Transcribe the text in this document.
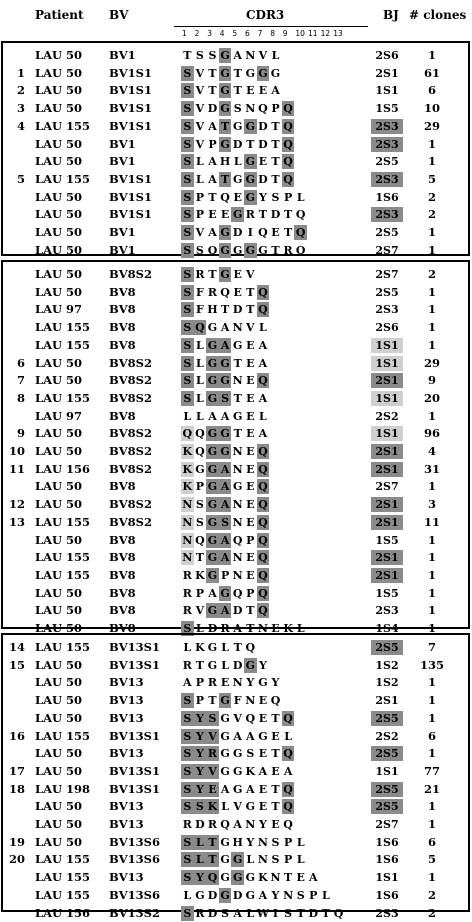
Patient BV	CDR3	BJ # clones
1 2 3 4 5 6 7 8 9 10 11 12 13
LAU 50 BV1	T S S G A N V L	2S6	1
1 LAU 50 BV1S1	S V T G T G G G	2S1	61
2 LAU 50 BV1S1	S V T G T E E A	1S1	6
3 LAU 50 BV1S1	S V D G S N Q P Q	1S5	10
4 LAU 155 BV1S1	S V A T G G D T Q	2S3	29
LAU 50 BV1	S V P G D T D T Q	2S3	1
LAU 50 BV1	S L A H L G E T Q	2S5	1
5 LAU 155 BV1S1	S L A T G G D T Q	2S3	5
LAU 50 BV1S1	S P T Q E G Y S P L	1S6	2
LAU 50 BV1S1	S P E E G R T D T Q	2S3	2
LAU 50 BV1	S V A G D I Q E T Q	2S5	1
LAU 50 BV1	S S Q G G G G T R Q	2S7	1
LAU 50 BV8S2	S R T G E V	2S7	2
LAU 50 BV8	S F R Q E T Q	2S5	1
LAU 97 BV8	S F H T D T Q	2S3	1
LAU 155 BV8	S Q G A N V L	2S6	1
LAU 155 BV8	S L G A G E A	1S1	1
6 LAU 50 BV8S2	S L G G T E A	1S1	29
7 LAU 50 BV8S2	S L G G N E Q	2S1	9
8 LAU 155 BV8S2	S L G S T E A	1S1	20
LAU 97 BV8	L L A A G E L	2S2	1
9 LAU 50 BV8S2	Q Q G G T E A	1S1	96
10 LAU 50 BV8S2	K Q G G N E Q	2S1	4
11 LAU 156 BV8S2	K G G A N E Q	2S1	31
LAU 50 BV8	K P G A G E Q	2S7	1
12 LAU 50 BV8S2	N S G A N E Q	2S1	3
13 LAU 155 BV8S2	N S G S N E Q	2S1	11
LAU 50 BV8	N Q G A Q P Q	1S5	1
LAU 155 BV8	N T G A N E Q	2S1	1
LAU 155 BV8	R K G P N E Q	2S1	1
LAU 50 BV8	R P A G Q P Q	1S5	1
LAU 50 BV8	R V G A D T Q	2S3	1
LAU 50 BV8	S L D R A T N E K L	1S4	1
14 LAU 155 BV13S1 L K G L T Q	2S5	7
15 LAU 50 BV13S1 R T G L D G Y	1S2	135
LAU 50 BV13	A P R E N Y G Y	1S2	1
LAU 50 BV13	S P T G F N E Q	2S1	1
LAU 50 BV13	S Y S G V Q E T Q	2S5	1
16 LAU 155 BV13S1 S Y V G A A G E L	2S2	6
LAU 50 BV13	S Y R G G S E T Q	2S5	1
17 LAU 50 BV13S1 S Y V G G K A E A	1S1	77
18 LAU 198 BV13S1 S Y E A G A E T Q	2S5	21
LAU 50 BV13	S S K L V G E T Q	2S5	1
LAU 50 BV13	R D R Q A N Y E Q	2S7	1
19 LAU 50 BV13S6 S L T G H Y N S P L	1S6	6
20 LAU 155 BV13S6 S L T G G L N S P L	1S6	5
LAU 155 BV13	S Y Q G G G K N T E A	1S1	1
LAU 155 BV13S6 L G D G D G A Y N S P L	1S6	2
LAU 156 BV13S2 S R D S A L W I S T D T Q	2S3	2
